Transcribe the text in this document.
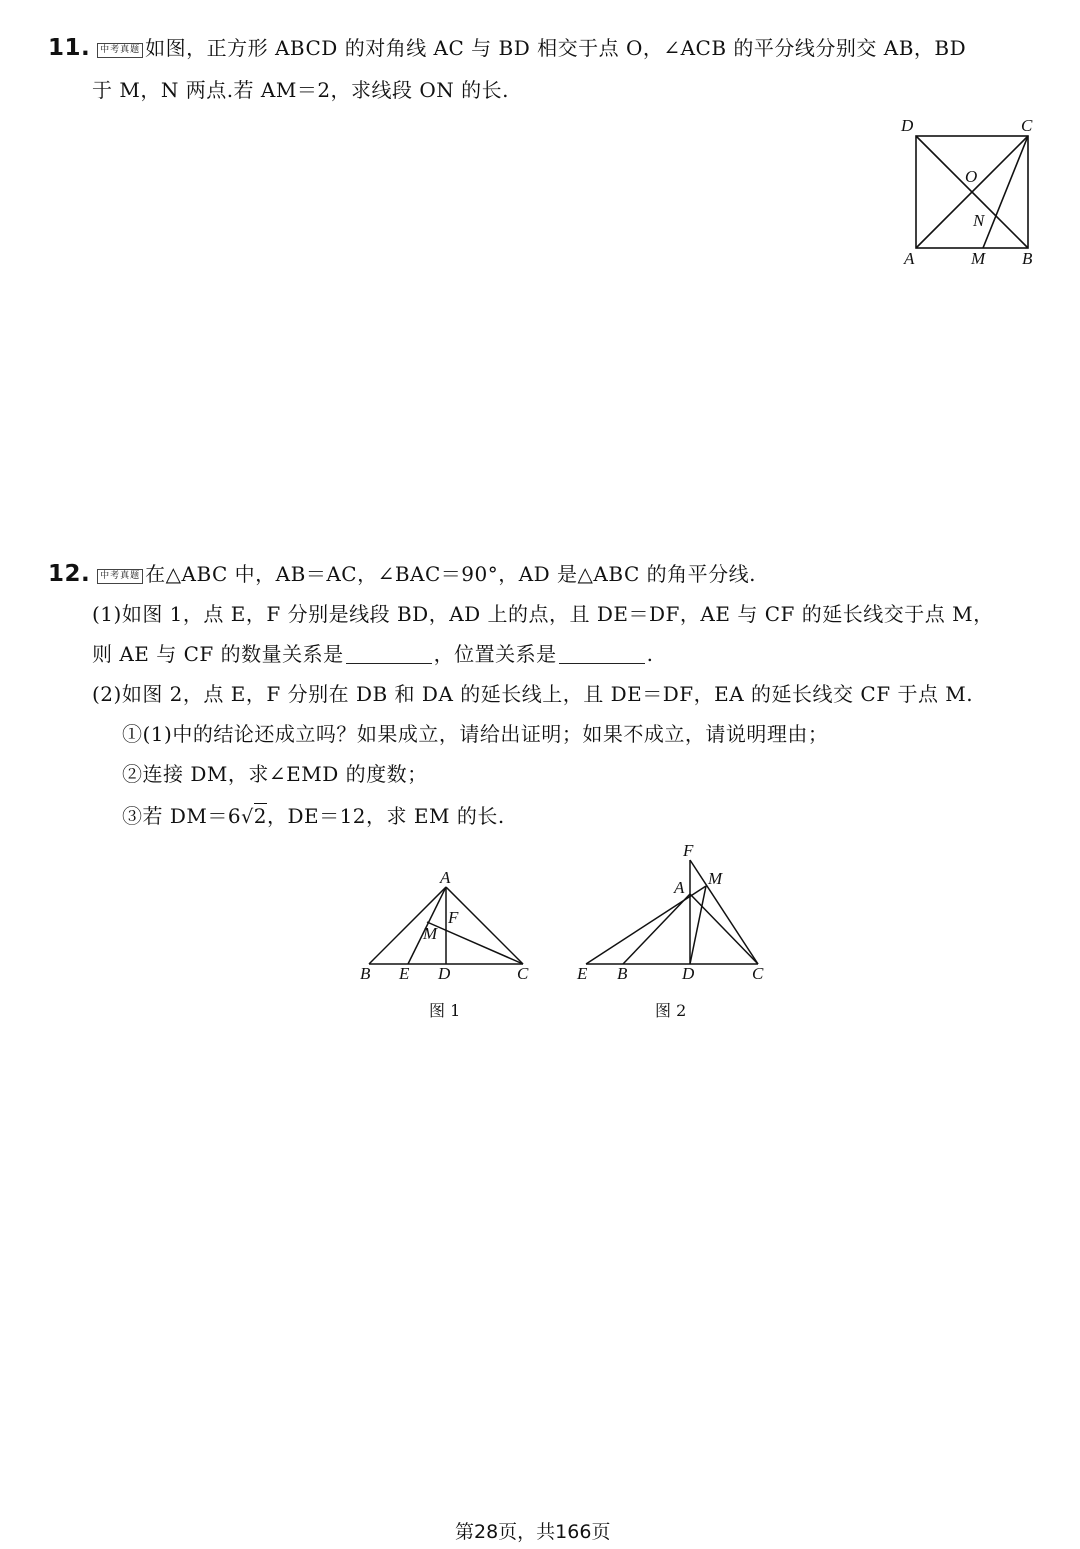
11. 中考真题 如图，正方形 ABCD 的对角线 AC 与 BD 相交于点 O，∠ACB 的平分线分别交 AB，BD
于 M，N 两点.若 AM＝2，求线段 ON 的长.
D	C
O
N
A	M B
12. 中考真题 在△ABC 中，AB＝AC，∠BAC＝90°，AD 是△ABC 的角平分线.
(1)如图 1，点 E，F 分别是线段 BD，AD 上的点，且 DE＝DF，AE 与 CF 的延长线交于点 M，
则 AE 与 CF 的数量关系是	，位置关系是	.
(2)如图 2，点 E，F 分别在 DB 和 DA 的延长线上，且 DE＝DF，EA 的延长线交 CF 于点 M.
①(1)中的结论还成立吗？如果成立，请给出证明；如果不成立，请说明理由；
②连接 DM，求∠EMD 的度数；
③若 DM＝6√2，DE＝12，求 EM 的长.
A
F
M
B E D	C
图 1
F
A M
E B	D	C
图 2
第28页，共166页
